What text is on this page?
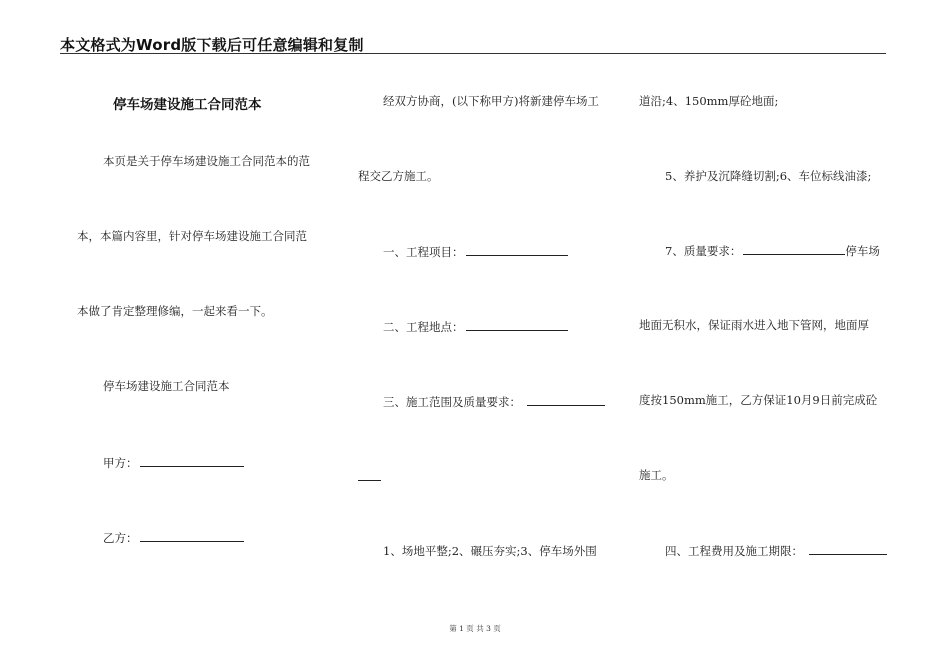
本文格式为Word版下载后可任意编辑和复制
停车场建设施工合同范本
本页是关于停车场建设施工合同范本的范
本，本篇内容里，针对停车场建设施工合同范
本做了肯定整理修编，一起来看一下。
停车场建设施工合同范本
甲方：
乙方：
经双方协商，(以下称甲方)将新建停车场工
程交乙方施工。
一、工程项目：
二、工程地点：
三、施工范围及质量要求：
1、场地平整;2、碾压夯实;3、停车场外围
道沿;4、150mm厚砼地面;
5、养护及沉降缝切割;6、车位标线油漆;
7、质量要求：	停车场
地面无积水，保证雨水进入地下管网，地面厚
度按150mm施工，乙方保证10月9日前完成砼
施工。
四、工程费用及施工期限：
第 1 页 共 3 页
